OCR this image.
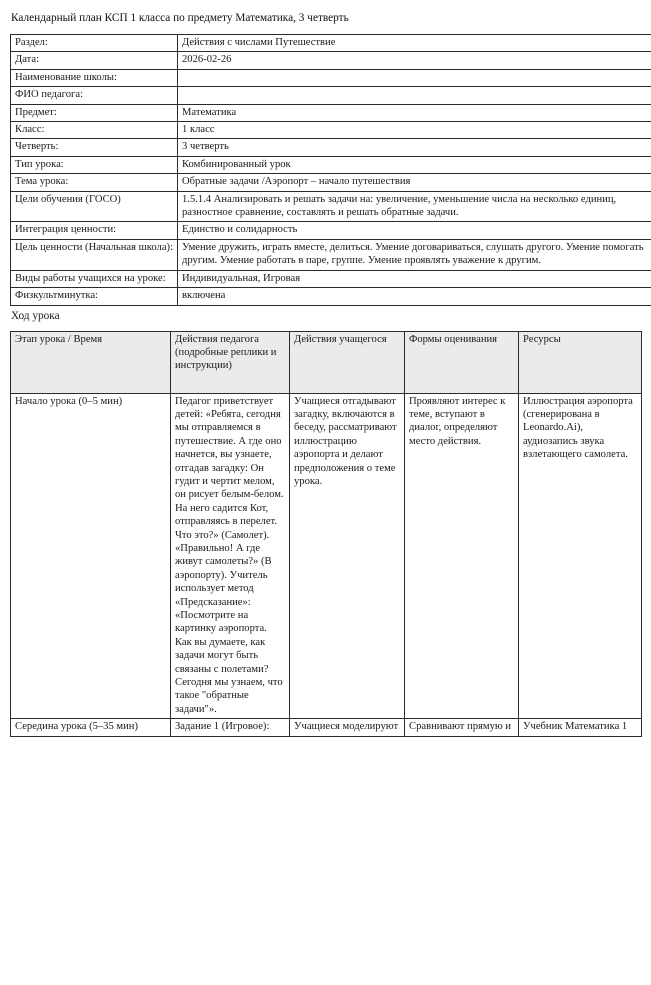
Календарный план КСП 1 класса по предмету Математика, 3 четверть
Раздел:	Действия с числами Путешествие
Дата:	2026-02-26
Наименование школы:	
ФИО педагога:	
Предмет:	Математика
Класс:	1 класс
Четверть:	3 четверть
Тип урока:	Комбинированный урок
Тема урока:	Обратные задачи /Аэропорт – начало путешествия
Цели обучения (ГОСО)	1.5.1.4 Анализировать и решать задачи на: увеличение, уменьшение числа на несколько единиц, разностное сравнение, составлять и решать обратные задачи.
Интеграция ценности:	Единство и солидарность
Цель ценности (Начальная школа):	Умение дружить, играть вместе, делиться. Умение договариваться, слушать другого. Умение помогать другим. Умение работать в паре, группе. Умение проявлять уважение к другим.
Виды работы учащихся на уроке:	Индивидуальная, Игровая
Физкультминутка:	включена
Ход урока
Этап урока / Время	Действия педагога (подробные реплики и инструкции)	Действия учащегося	Формы оценивания	Ресурсы

Начало урока (0–5 мин)	Педагог приветствует детей: «Ребята, сегодня мы отправляемся в путешествие. А где оно начнется, вы узнаете, отгадав загадку: Он гудит и чертит мелом, он рисует белым-белом. На него садится Кот, отправляясь в перелет. Что это?» (Самолет). «Правильно! А где живут самолеты?» (В аэропорту). Учитель использует метод «Предсказание»: «Посмотрите на картинку аэропорта. Как вы думаете, как задачи могут быть связаны с полетами? Сегодня мы узнаем, что такое "обратные задачи"».	Учащиеся отгадывают загадку, включаются в беседу, рассматривают иллюстрацию аэропорта и делают предположения о теме урока.	Проявляют интерес к теме, вступают в диалог, определяют место действия.	Иллюстрация аэропорта (сгенерирована в Leonardo.Ai), аудиозапись звука взлетающего самолета.
Середина урока (5–35 мин)	Задание 1 (Игровое):	Учащиеся моделируют	Сравнивают прямую и	Учебник Математика 1
